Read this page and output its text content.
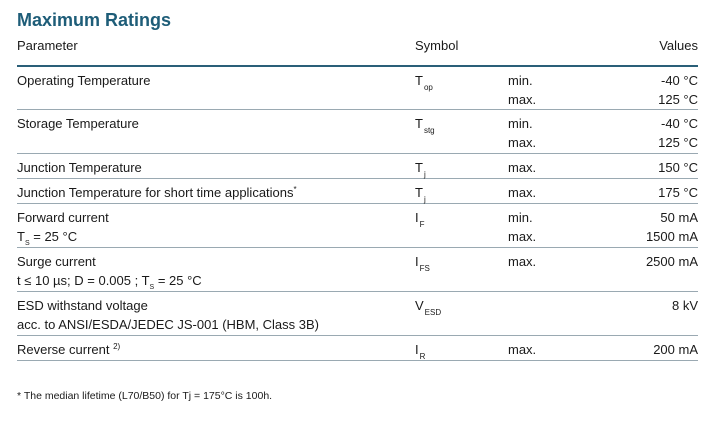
Maximum Ratings
Parameter	Symbol	Values
Operating Temperature	$T_{op}$	min.	-40 °C
max.	125 °C
Storage Temperature	$T_{stg}$	min.	-40 °C
max.	125 °C
Junction Temperature	$T_j$	max.	150 °C
Junction Temperature for short time applications*	$T_j$	max.	175 °C
Forward current
$T_S = 25$ °C
$I_F$	min.	50 mA
max.	1500 mA
Surge current
t ≤ 10 µs; D = 0.005 ; $T_S = 25$ °C
$I_{FS}$	max.	2500 mA
ESD withstand voltage
acc. to ANSI/ESDA/JEDEC JS-001 (HBM, Class 3B)
$V_{ESD}$	8 kV
Reverse current $^{2)}$	$I_R$	max.	200 mA
* The median lifetime (L70/B50) for Tj = 175°C is 100h.
